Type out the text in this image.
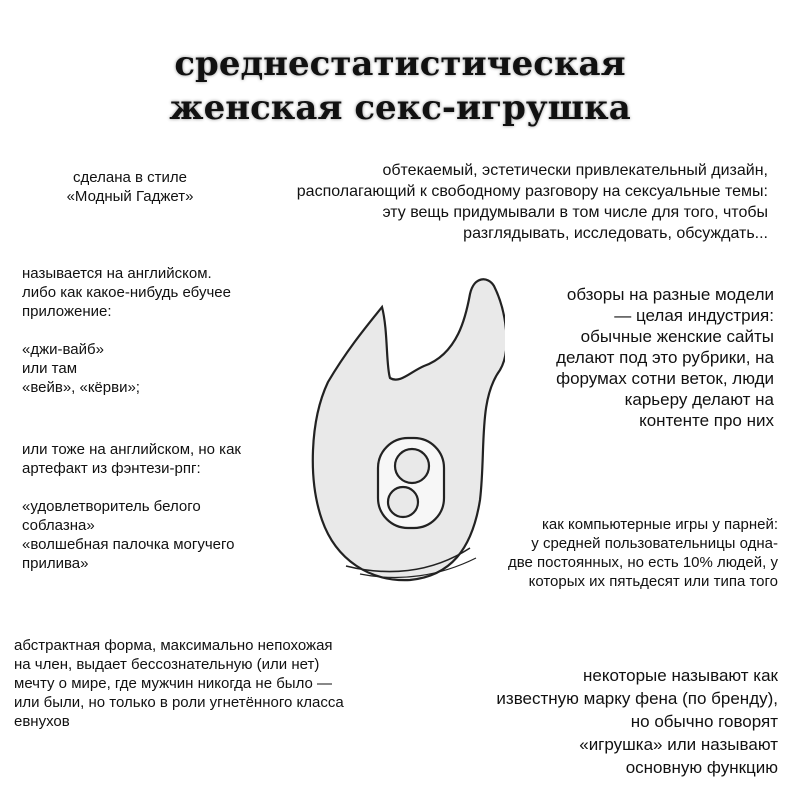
среднестатистическая
женская секс-игрушка
сделана в стиле
«Модный Гаджет»
обтекаемый, эстетически привлекательный дизайн,
располагающий к свободному разговору на сексуальные темы:
эту вещь придумывали в том числе для того, чтобы
разглядывать, исследовать, обсуждать...
называется на английском.
либо как какое-нибудь ебучее
приложение:
«джи-вайб»
или там
«вейв», «кёрви»;
или тоже на английском, но как
артефакт из фэнтези-рпг:
«удовлетворитель белого
соблазна»
«волшебная палочка могучего
прилива»
обзоры на разные модели
— целая индустрия:
обычные женские сайты
делают под это рубрики, на
форумах сотни веток, люди
карьеру делают на
контенте про них
как компьютерные игры у парней:
у средней пользовательницы одна-
две постоянных, но есть 10% людей, у
которых их пятьдесят или типа того
абстрактная форма, максимально непохожая
на член, выдает бессознательную (или нет)
мечту о мире, где мужчин никогда не было —
или были, но только в роли угнетённого класса
евнухов
некоторые называют как
известную марку фена (по бренду),
но обычно говорят
«игрушка» или называют
основную функцию
